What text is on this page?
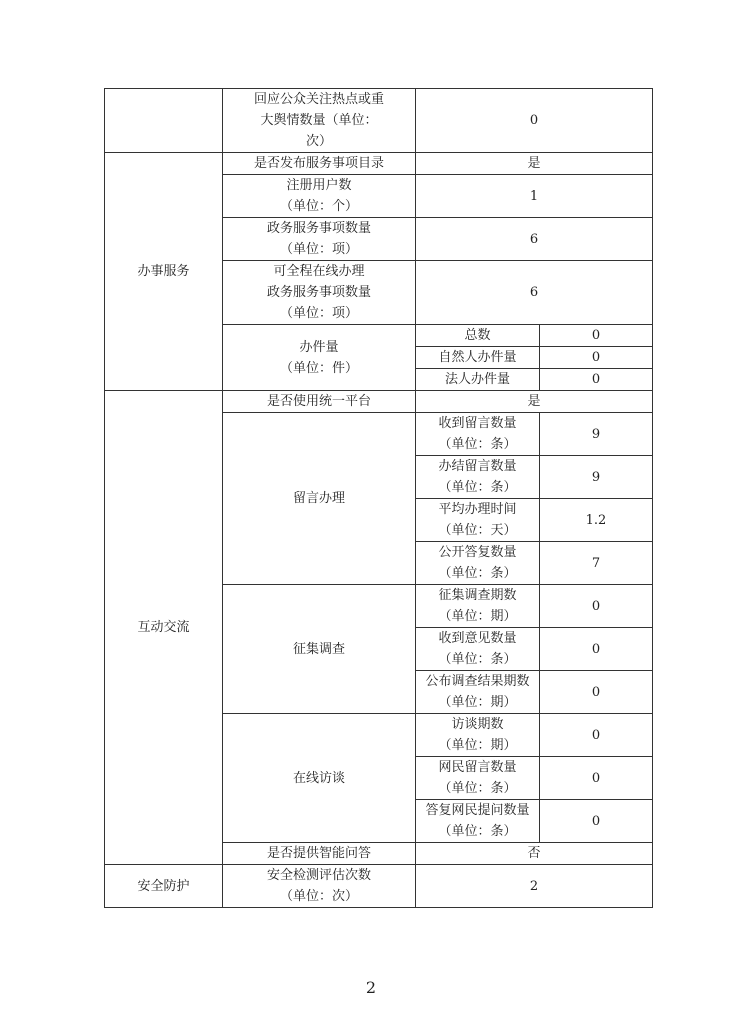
	回应公众关注热点或重大舆情数量（单位：次）	0	
办事服务	是否发布服务事项目录	是	

	注册用户数
（单位：个）	1	

	政务服务事项数量
（单位：项）	6	

	可全程在线办理
政务服务事项数量
（单位：项）	6	

	办件量
（单位：件）	总数	0
		自然人办件量	0
		法人办件量	0
互动交流	是否使用统一平台	是	
	留言办理	收到留言数量
（单位：条）	9

		办结留言数量
（单位：条）	9

		平均办理时间
（单位：天）	1.2

		公开答复数量
（单位：条）	7
	征集调查	征集调查期数
（单位：期）	0

		收到意见数量
（单位：条）	0

		公布调查结果期数
（单位：期）	0
	在线访谈	访谈期数
（单位：期）	0

		网民留言数量
（单位：条）	0

		答复网民提问数量
（单位：条）	0
	是否提供智能问答	否	
安全防护	安全检测评估次数
（单位：次）	2	
2
